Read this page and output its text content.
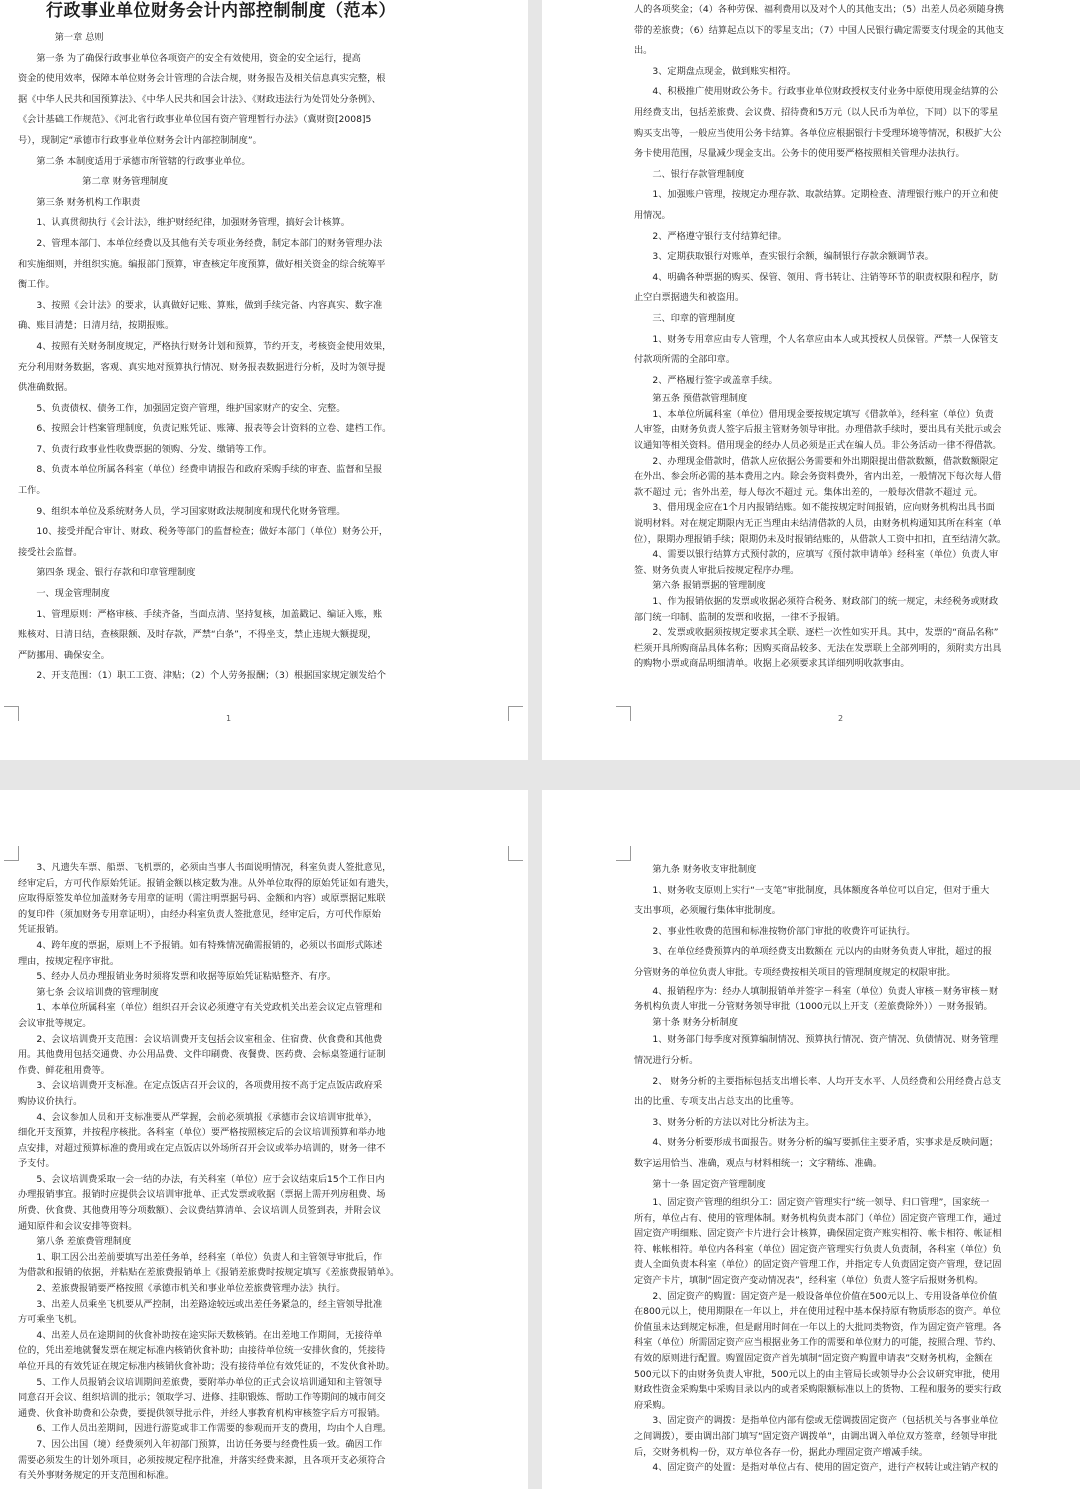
行政事业单位财务会计内部控制制度（范本）
　　　　第一章 总则
　　第一条 为了确保行政事业单位各项资产的安全有效使用，资金的安全运行，提高
资金的使用效率，保障本单位财务会计管理的合法合规，财务报告及相关信息真实完整，根
据《中华人民共和国预算法》、《中华人民共和国会计法》、《财政违法行为处罚处分条例》、
《会计基础工作规范》、《河北省行政事业单位国有资产管理暂行办法》（冀财资[2008]5
号），现制定“承德市行政事业单位财务会计内部控制制度”。
　　第二条 本制度适用于承德市所管辖的行政事业单位。
　　　　　　　第二章 财务管理制度
　　第三条 财务机构工作职责
　　1、认真贯彻执行《会计法》，维护财经纪律，加强财务管理，搞好会计核算。
　　2、管理本部门、本单位经费以及其他有关专项业务经费，制定本部门的财务管理办法
和实施细则，并组织实施。编报部门预算，审查核定年度预算，做好相关资金的综合统筹平
衡工作。
　　3、按照《会计法》的要求，认真做好记账、算账，做到手续完备、内容真实、数字准
确、账目清楚；日清月结，按期报账。
　　4、按照有关财务制度规定，严格执行财务计划和预算，节约开支，考核资金使用效果，
充分利用财务数据，客观、真实地对预算执行情况、财务报表数据进行分析，及时为领导提
供准确数据。
　　5、负责债权、债务工作，加强固定资产管理，维护国家财产的安全、完整。
　　6、按照会计档案管理制度，负责记账凭证、账簿、报表等会计资料的立卷、建档工作。
　　7、负责行政事业性收费票据的领购、分发、缴销等工作。
　　8、负责本单位所属各科室（单位）经费申请报告和政府采购手续的审查、监督和呈报
工作。
　　9、组织本单位及系统财务人员，学习国家财政法规制度和现代化财务管理。
　　10、接受并配合审计、财政、税务等部门的监督检查；做好本部门（单位）财务公开，
接受社会监督。
　　第四条 现金、银行存款和印章管理制度
　　一、现金管理制度
　　1、管理原则：严格审核、手续齐备，当面点清、坚持复核，加盖戳记、编证入账，账
账核对、日清日结，查核限额、及时存款，严禁“白条”，不得坐支，禁止违规大额提现，
严防挪用、确保安全。
　　2、开支范围：（1）职工工资、津贴；（2）个人劳务报酬；（3）根据国家规定颁发给个
1
人的各项奖金；（4）各种劳保、福利费用以及对个人的其他支出；（5）出差人员必须随身携
带的差旅费；（6）结算起点以下的零星支出；（7）中国人民银行确定需要支付现金的其他支
出。
　　3、定期盘点现金，做到账实相符。
　　4、积极推广使用财政公务卡。行政事业单位财政授权支付业务中原使用现金结算的公
用经费支出，包括差旅费、会议费、招待费和5万元（以人民币为单位，下同）以下的零星
购买支出等，一般应当使用公务卡结算。各单位应根据银行卡受理环境等情况，积极扩大公
务卡使用范围，尽量减少现金支出。公务卡的使用要严格按照相关管理办法执行。
　　二、银行存款管理制度
　　1、加强账户管理，按规定办理存款、取款结算。定期检查、清理银行账户的开立和使
用情况。
　　2、严格遵守银行支付结算纪律。
　　3、定期获取银行对账单，查实银行余额，编制银行存款余额调节表。
　　4、明确各种票据的购买、保管、领用、背书转让、注销等环节的职责权限和程序，防
止空白票据遗失和被盗用。
　　三、印章的管理制度
　　1、财务专用章应由专人管理，个人名章应由本人或其授权人员保管。严禁一人保管支
付款项所需的全部印章。
　　2、严格履行签字或盖章手续。
　　第五条 预借款管理制度
　　1、本单位所属科室（单位）借用现金要按规定填写《借款单》，经科室（单位）负责
人审签，由财务负责人签字后报主管财务领导审批。办理借款手续时，要出具有关批示或会
议通知等相关资料。借用现金的经办人员必须是正式在编人员。非公务活动一律不得借款。
　　2、办理现金借款时，借款人应依据公务需要和外出期限提出借款数额，借款数额限定
在外出、参会所必需的基本费用之内。除会务资料费外，省内出差，一般情况下每次每人借
款不超过 元；省外出差，每人每次不超过 元。集体出差的，一般每次借款不超过 元。
　　3、借用现金应在1个月内报销结账。如不能按规定时间报销，应向财务机构出具书面
说明材料。对在规定期限内无正当理由未结清借款的人员，由财务机构通知其所在科室（单
位），限期办理报销手续；限期仍未及时报销结账的，从借款人工资中扣扣，直至结清欠款。
　　4、需要以银行结算方式预付款的，应填写《预付款申请单》经科室（单位）负责人审
签、财务负责人审批后按规定程序办理。
　　第六条 报销票据的管理制度
　　1、作为报销依据的发票或收据必须符合税务、财政部门的统一规定，未经税务或财政
部门统一印制、监制的发票和收据，一律不予报销。
　　2、发票或收据须按规定要求其全联、逐栏一次性如实开具。其中，发票的“商品名称”
栏须开具所购商品具体名称；因购买商品较多、无法在发票联上全部列明的，须附卖方出具
的购物小票或商品明细清单。收据上必须要求其详细列明收款事由。
2
　　3、凡遗失车票、船票、飞机票的，必须由当事人书面说明情况，科室负责人签批意见，
经审定后，方可代作原始凭证。报销金额以核定数为准。从外单位取得的原始凭证如有遗失，
应取得原签发单位加盖财务专用章的证明（需注明票据号码、金额和内容）或原票据记账联
的复印件（须加财务专用章证明），由经办科室负责人签批意见，经审定后，方可代作原始
凭证报销。
　　4、跨年度的票据，原则上不予报销。如有特殊情况确需报销的，必须以书面形式陈述
理由，按规定程序审批。
　　5、经办人员办理报销业务时须将发票和收据等原始凭证粘贴整齐、有序。
　　第七条 会议培训费的管理制度
　　1、本单位所属科室（单位）组织召开会议必须遵守有关党政机关出差会议定点管理和
会议审批等规定。
　　2、会议培训费开支范围：会议培训费开支包括会议室租金、住宿费、伙食费和其他费
用。其他费用包括交通费、办公用品费、文件印刷费、夜餐费、医药费、会标桌签通行证制
作费、鲜花租用费等。
　　3、会议培训费开支标准。在定点饭店召开会议的，各项费用按不高于定点饭店政府采
购协议价执行。
　　4、会议参加人员和开支标准要从严掌握，会前必须填报《承德市会议培训审批单》，
细化开支预算，并按程序核批。各科室（单位）要严格按照核定后的会议培训预算和举办地
点安排，对超过预算标准的费用或在定点饭店以外场所召开会议或举办培训的，财务一律不
予支付。
　　5、会议培训费采取一会一结的办法，有关科室（单位）应于会议结束后15个工作日内
办理报销事宜。报销时应提供会议培训审批单、正式发票或收据（票据上需开列房租费、场
所费、伙食费、其他费用等分项数额）、会议费结算清单、会议培训人员签到表，并附会议
通知原件和会议安排等资料。
　　第八条 差旅费管理制度
　　1、职工因公出差前要填写出差任务单，经科室（单位）负责人和主管领导审批后，作
为借款和报销的依据，并粘贴在差旅费报销单上《报销差旅费时按规定填写《差旅费报销单》。
　　2、差旅费报销要严格按照《承德市机关和事业单位差旅费管理办法》执行。
　　3、出差人员乘坐飞机要从严控制，出差路途较远或出差任务紧急的，经主管领导批准
方可乘坐飞机。
　　4、出差人员在途期间的伙食补助按在途实际天数核销。在出差地工作期间，无接待单
位的，凭出差地就餐发票在规定标准内核销伙食补助；由接待单位统一安排伙食的，凭接待
单位开具的有效凭证在规定标准内核销伙食补助；没有接待单位有效凭证的，不发伙食补助。
　　5、工作人员报销会议培训期间差旅费，要附举办单位的正式会议培训通知和主管领导
同意召开会议、组织培训的批示；领取学习、进修、挂职锻炼、帮助工作等期间的城市间交
通费、伙食补助费和公杂费，要提供领导批示件，并经人事教育机构审核签字后方可报销。
　　6、工作人员出差期间，因进行游览或非工作需要的参观而开支的费用，均由个人自理。
　　7、因公出国（境）经费须列入年初部门预算，出访任务要与经费性质一致。确因工作
需要必须发生的计划外项目，必须按规定程序批准，并落实经费来源，且各项开支必须符合
有关外事财务规定的开支范围和标准。
　　第九条 财务收支审批制度
　　1、财务收支原则上实行“一支笔”审批制度，具体额度各单位可以自定，但对于重大
支出事项，必须履行集体审批制度。
　　2、事业性收费的范围和标准按物价部门审批的收费许可证执行。
　　3、在单位经费预算内的单项经费支出数额在 元以内的由财务负责人审批，超过的报
分管财务的单位负责人审批。专项经费按相关项目的管理制度规定的权限审批。
　　4、报销程序为：经办人填制报销单并签字－科室（单位）负责人审核－财务审核－财
务机构负责人审批－分管财务领导审批（1000元以上开支（差旅费除外））－财务报销。
　　第十条 财务分析制度
　　1、财务部门每季度对预算编制情况、预算执行情况、资产情况、负债情况、财务管理
情况进行分析。
　　2、 财务分析的主要指标包括支出增长率、人均开支水平、人员经费和公用经费占总支
出的比重、专项支出占总支出的比重等。
　　3、财务分析的方法以对比分析法为主。
　　4、财务分析要形成书面报告。财务分析的编写要抓住主要矛盾，实事求是反映问题；
数字运用恰当、准确，观点与材料相统一；文字精练、准确。
　　第十一条 固定资产管理制度
　　1、固定资产管理的组织分工：固定资产管理实行“统一领导、归口管理”，国家统一
所有，单位占有、使用的管理体制。财务机构负责本部门（单位）固定资产管理工作，通过
固定资产明细账、固定资产卡片进行会计核算，确保固定资产账实相符、帐卡相符、帐证相
符、帐帐相符。单位内各科室（单位）固定资产管理实行负责人负责制，各科室（单位）负
责人全面负责本科室（单位）的固定资产管理工作，并指定专人负责固定资产管理，登记固
定资产卡片，填制“固定资产变动情况表”，经科室（单位）负责人签字后报财务机构。
　　2、固定资产的购置：固定资产是一般设备单位价值在500元以上、专用设备单位价值
在800元以上，使用期限在一年以上，并在使用过程中基本保持原有物质形态的资产。单位
价值虽未达到规定标准，但是耐用时间在一年以上的大批同类物资，作为固定资产管理。各
科室（单位）所需固定资产应当根据业务工作的需要和单位财力的可能，按照合理、节约、
有效的原则进行配置。购置固定资产首先填制“固定资产购置申请表”交财务机构，金额在
500元以下的由财务负责人审批，500元以上的由主管局长或领导办公会议研究审批，使用
财政性资金采购集中采购目录以内的或者采购限额标准以上的货物、工程和服务的要实行政
府采购。
　　3、固定资产的调拨：是指单位内部有偿或无偿调拨固定资产（包括机关与各事业单位
之间调拨），要由调出部门填写“固定资产调拨单”，由调出调入单位双方签章，经领导审批
后，交财务机构一份，双方单位各存一份，据此办理固定资产增减手续。
　　4、固定资产的处置：是指对单位占有、使用的固定资产，进行产权转让或注销产权的
